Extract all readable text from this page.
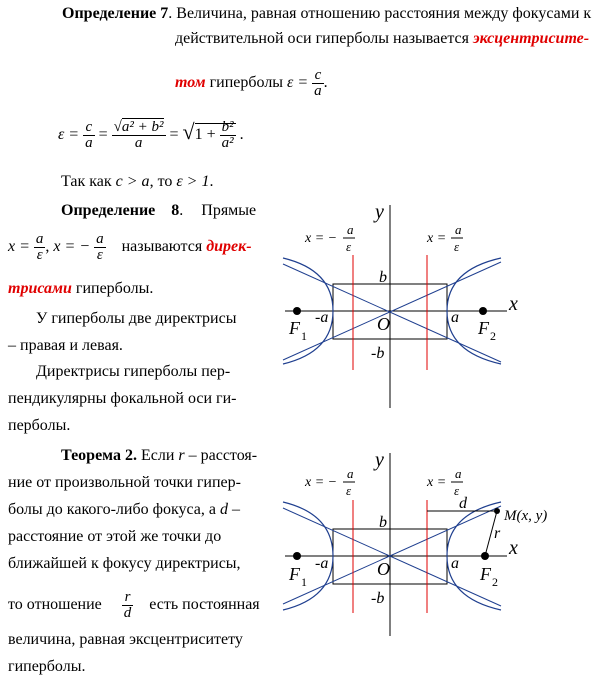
Определение 7. Величина, равная отношению расстояния между фокусами к
действительной оси гиперболы называется эксцентрисите-
том гиперболы $\varepsilon = \frac{c}{a}$ .
$\varepsilon = \frac{c}{a} = \frac{\text{√a² + b²}}{a} = √1 + \frac{\text{b²}}{\text{a²}}$ .
Так как c > a, то ε > 1.
Определение 8. Прямые
$x = \frac{a}{\varepsilon}$ , x = − $\frac{a}{\varepsilon}$ называются дирек-
трисами гиперболы.
У гиперболы две директрисы
– правая и левая.
Директрисы гиперболы пер-
пендикулярны фокальной оси ги-
перболы.
Теорема 2. Если r – расстоя-
ние от произвольной точки гипер-
болы до какого-либо фокуса, а d –
расстояние от этой же точки до
ближайшей к фокусу директрисы,
то отношение $\frac{r}{d}$ есть постоянная
величина, равная эксцентриситету
гиперболы.
y
x
x = −
a
ε
x =
a
ε
b
-b
-a	a
O
F 1	F 2
y
x
x = −
a
ε
x =
a
ε
d
r
M(x, y)
b
-b
-a	a
O
F 1	F 2
